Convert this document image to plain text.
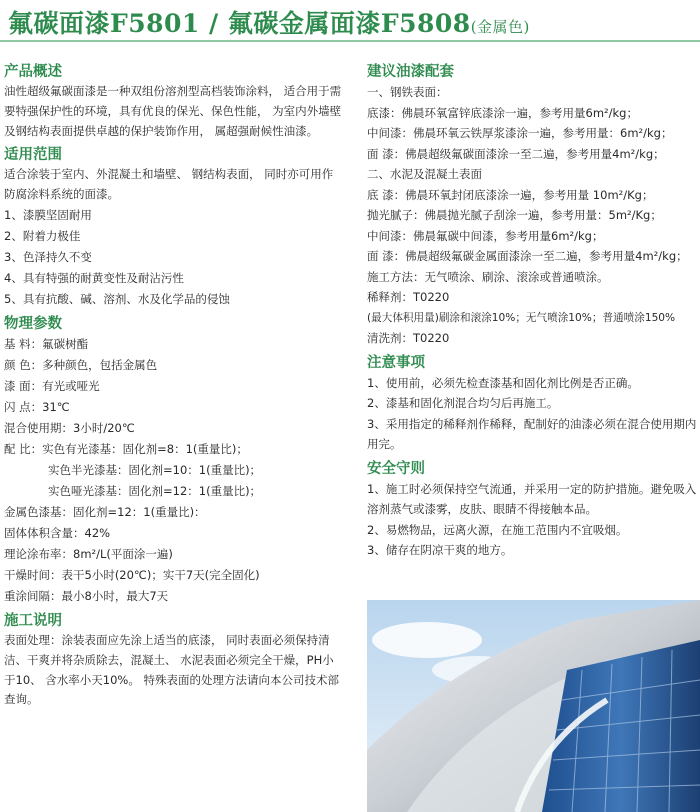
氟碳面漆F5801 / 氟碳金属面漆F5808(金属色)
产品概述
油性超级氟碳面漆是一种双组份溶剂型高档装饰涂料， 适合用于需要特强保护性的环境，具有优良的保光、保色性能， 为室内外墙壁及钢结构表面提供卓越的保护装饰作用， 属超强耐候性油漆。
适用范围
适合涂装于室内、外混凝土和墙壁、 钢结构表面， 同时亦可用作防腐涂料系统的面漆。
1、漆膜坚固耐用
2、附着力极佳
3、色泽持久不变
4、具有特强的耐黄变性及耐沾污性
5、具有抗酸、碱、溶剂、水及化学品的侵蚀
物理参数
基 料：氟碳树酯
颜 色：多种颜色，包括金属色
漆 面：有光或哑光
闪 点：31℃
混合使用期：3小时/20℃
配 比：实色有光漆基：固化剂=8：1(重量比)；
实色半光漆基：固化剂=10：1(重量比)；
实色哑光漆基：固化剂=12：1(重量比)；
金属色漆基：固化剂=12：1(重量比)：
固体体积含量：42%
理论涂布率：8m²/L(平面涂一遍)
干燥时间：表干5小时(20℃)；实干7天(完全固化)
重涂间隔：最小8小时，最大7天
施工说明
表面处理：涂装表面应先涂上适当的底漆， 同时表面必须保持清洁、干爽并将杂质除去，混凝土、 水泥表面必须完全干燥，PH小于10、 含水率小天10%。 特殊表面的处理方法请向本公司技术部查询。
建议油漆配套
一、钢铁表面：
底漆：佛晨环氧富锌底漆涂一遍，参考用量6m²/kg；
中间漆：佛晨环氧云铁厚浆漆涂一遍，参考用量：6m²/kg；
面 漆：佛晨超级氟碳面漆涂一至二遍，参考用量4m²/kg；
二、水泥及混凝土表面
底 漆：佛晨环氧封闭底漆涂一遍，参考用量 10m²/Kg；
抛光腻子：佛晨抛光腻子刮涂一遍，参考用量：5m²/Kg；
中间漆：佛晨氟碳中间漆，参考用量6m²/kg；
面 漆：佛晨超级氟碳金属面漆涂一至二遍，参考用量4m²/kg；
施工方法：无气喷涂、刷涂、滚涂或普通喷涂。
稀释剂：T0220
(最大体积用量)刷涂和滚涂10%；无气喷涂10%；普通喷涂150%
清洗剂：T0220
注意事项
1、使用前，必须先检查漆基和固化剂比例是否正确。
2、漆基和固化剂混合均匀后再施工。
3、采用指定的稀释剂作稀释，配制好的油漆必须在混合使用期内用完。
安全守则
1、施工时必须保持空气流通，并采用一定的防护措施。避免吸入溶剂蒸气或漆雾，皮肤、眼睛不得接触本品。
2、易燃物品，远离火源，在施工范围内不宜吸烟。
3、储存在阴凉干爽的地方。
